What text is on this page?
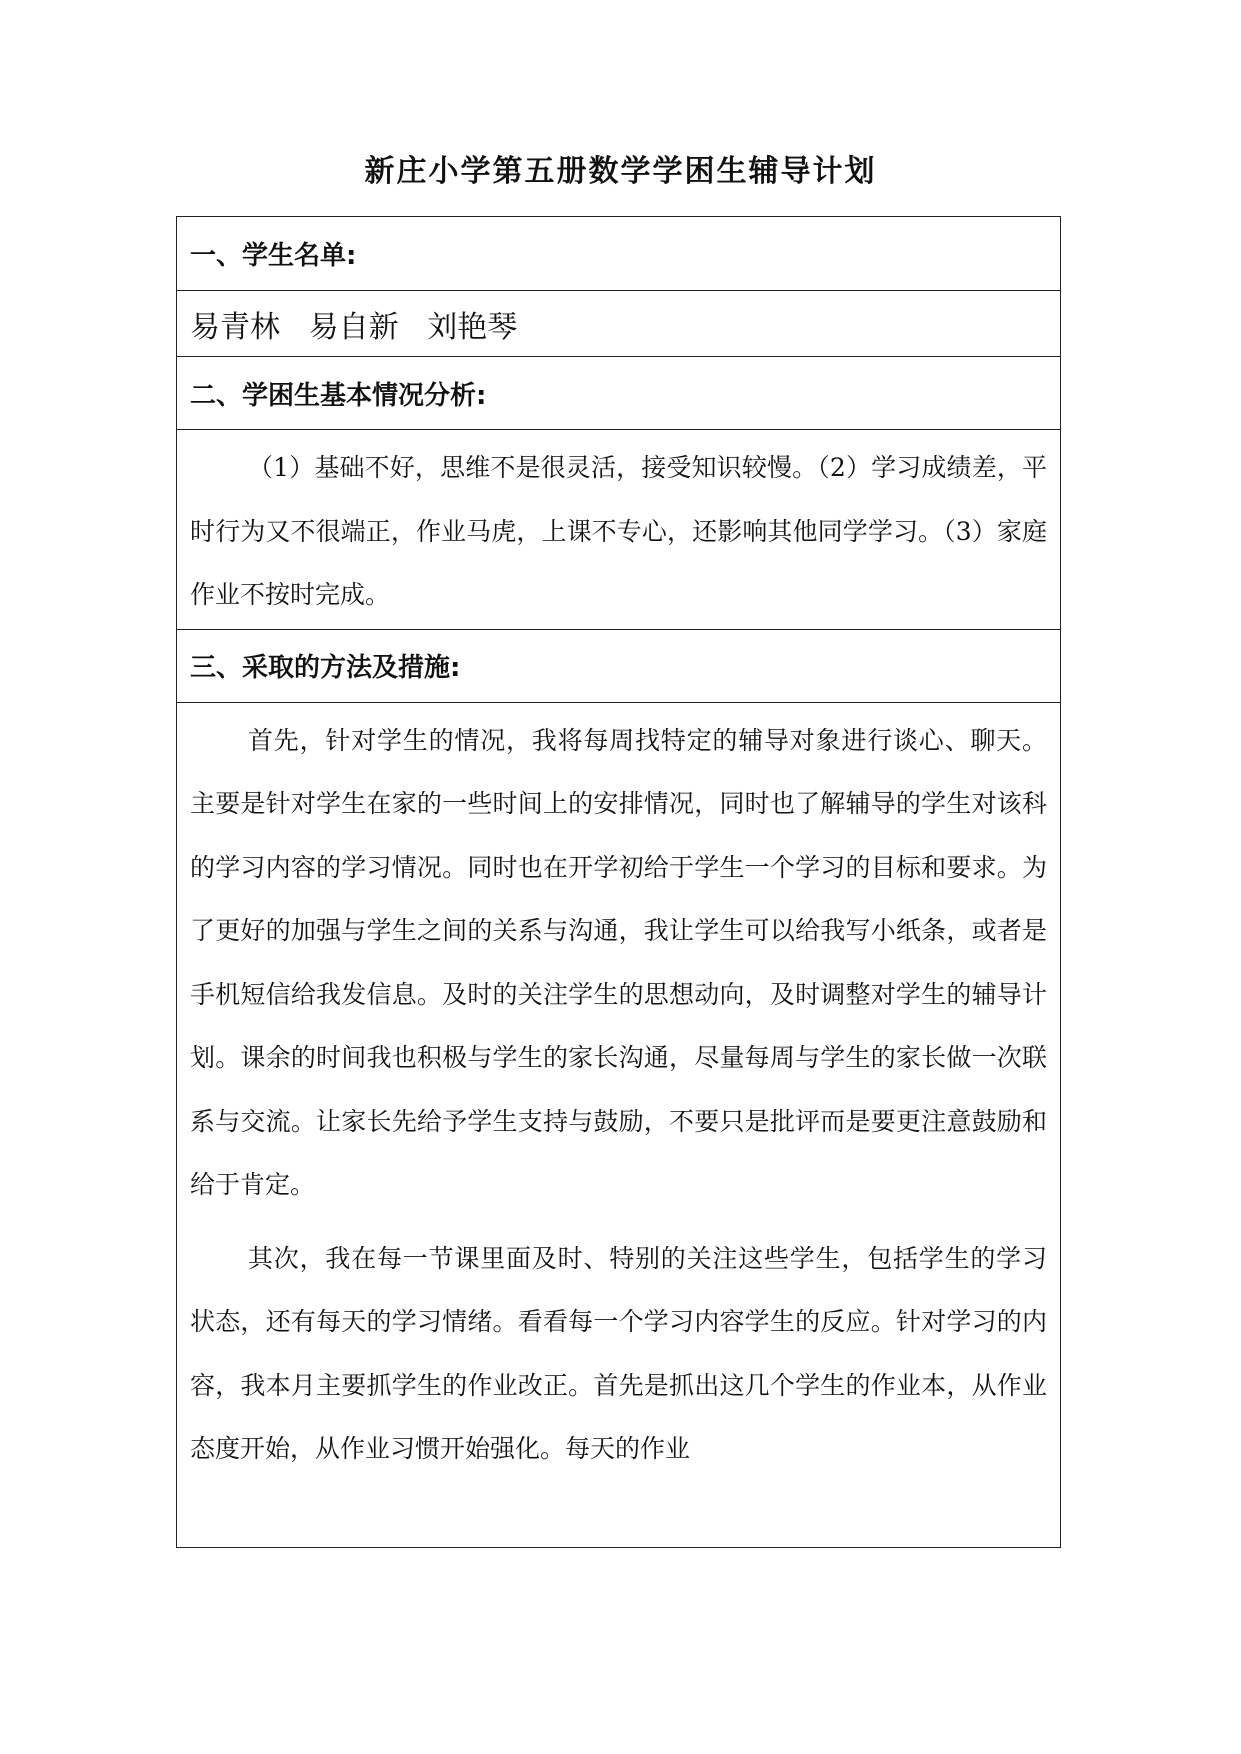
新庄小学第五册数学学困生辅导计划
一、学生名单:
易青林   易自新   刘艳琴
二、学困生基本情况分析:

（1）基础不好，思维不是很灵活，接受知识较慢。（2）学习成绩差，平时行为又不很端正，作业马虎，上课不专心，还影响其他同学学习。（3）家庭作业不按时完成。

三、采取的方法及措施:

首先，针对学生的情况，我将每周找特定的辅导对象进行谈心、聊天。主要是针对学生在家的一些时间上的安排情况，同时也了解辅导的学生对该科的学习内容的学习情况。同时也在开学初给于学生一个学习的目标和要求。为了更好的加强与学生之间的关系与沟通，我让学生可以给我写小纸条，或者是手机短信给我发信息。及时的关注学生的思想动向，及时调整对学生的辅导计划。课余的时间我也积极与学生的家长沟通，尽量每周与学生的家长做一次联系与交流。让家长先给予学生支持与鼓励，不要只是批评而是要更注意鼓励和给于肯定。

其次，我在每一节课里面及时、特别的关注这些学生，包括学生的学习状态，还有每天的学习情绪。看看每一个学习内容学生的反应。针对学习的内容，我本月主要抓学生的作业改正。首先是抓出这几个学生的作业本，从作业态度开始，从作业习惯开始强化。每天的作业
